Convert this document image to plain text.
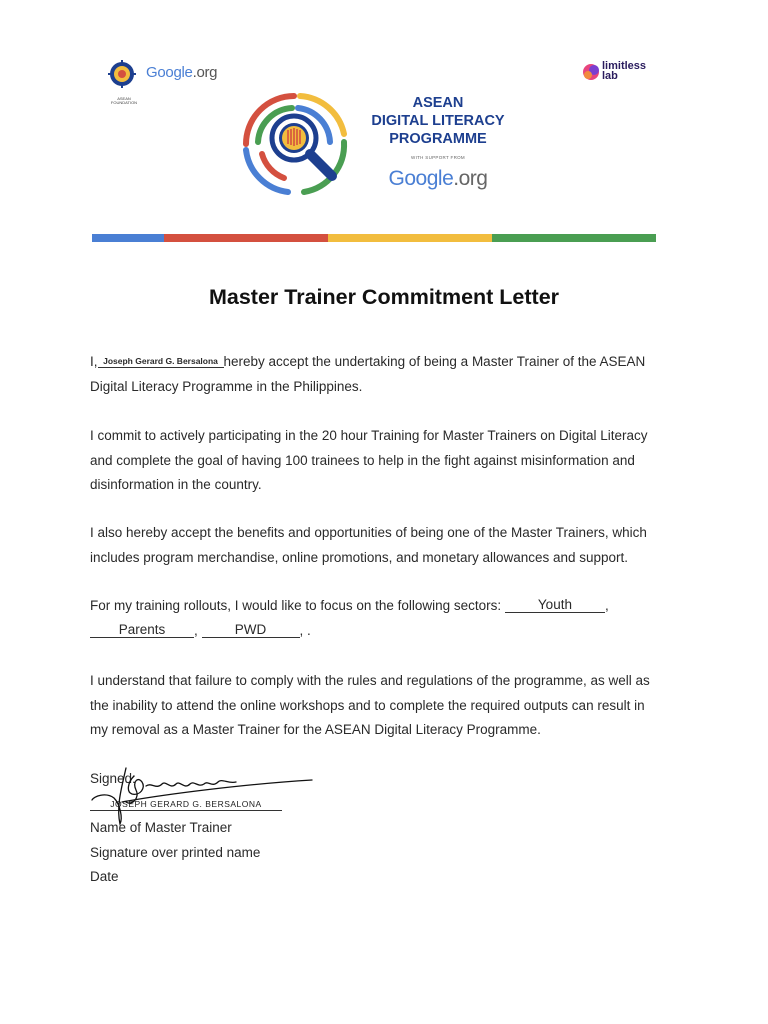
ASEAN FOUNDATION
Google.org	limitless
lab
ASEAN
DIGITAL LITERACY
PROGRAMME
WITH SUPPORT FROM
Google.org
Master Trainer Commitment Letter

I, Joseph Gerard G. Bersalona hereby accept the undertaking of being a Master Trainer of the ASEAN
Digital Literacy Programme in the Philippines.

I commit to actively participating in the 20 hour Training for Master Trainers on Digital Literacy
and complete the goal of having 100 trainees to help in the fight against misinformation and
disinformation in the country.

I also hereby accept the benefits and opportunities of being one of the Master Trainers, which
includes program merchandise, online promotions, and monetary allowances and support.

For my training rollouts, I would like to focus on the following sectors:	Youth ,
Parents , PWD , .

I understand that failure to comply with the rules and regulations of the programme, as well as
the inability to attend the online workshops and to complete the required outputs can result in
my removal as a Master Trainer for the ASEAN Digital Literacy Programme.

Signed:
JOSEPH GERARD G. BERSALONA
Name of Master Trainer
Signature over printed name
Date
